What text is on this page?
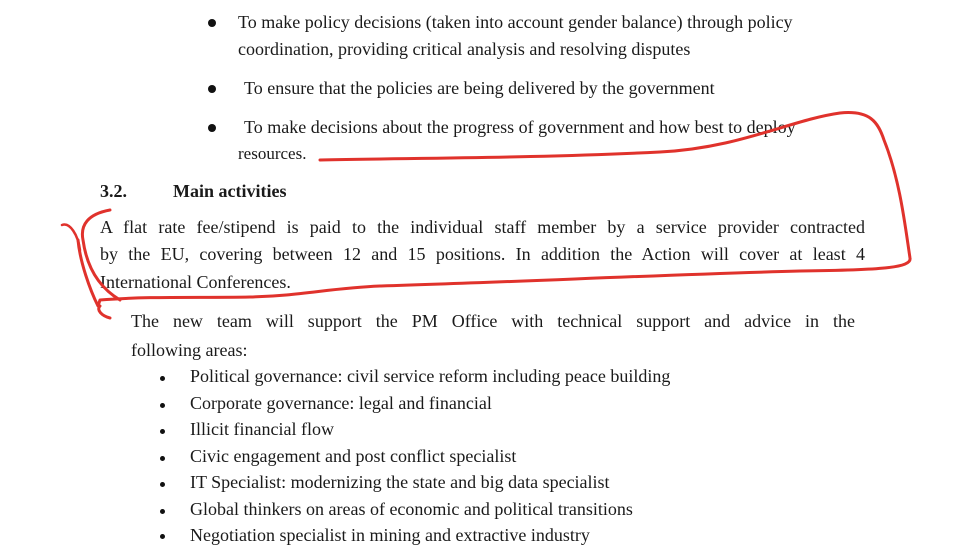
To make policy decisions (taken into account gender balance) through policy
coordination, providing critical analysis and resolving disputes
To ensure that the policies are being delivered by the government
To make decisions about the progress of government and how best to deploy
resources.
3.2.	Main activities
A flat rate fee/stipend is paid to the individual staff member by a service provider contracted
by the EU, covering between 12 and 15 positions. In addition the Action will cover at least 4
International Conferences.
The new team will support the PM Office with technical support and advice in the
following areas:
Political governance: civil service reform including peace building
Corporate governance: legal and financial
Illicit financial flow
Civic engagement and post conflict specialist
IT Specialist: modernizing the state and big data specialist
Global thinkers on areas of economic and political transitions
Negotiation specialist in mining and extractive industry
